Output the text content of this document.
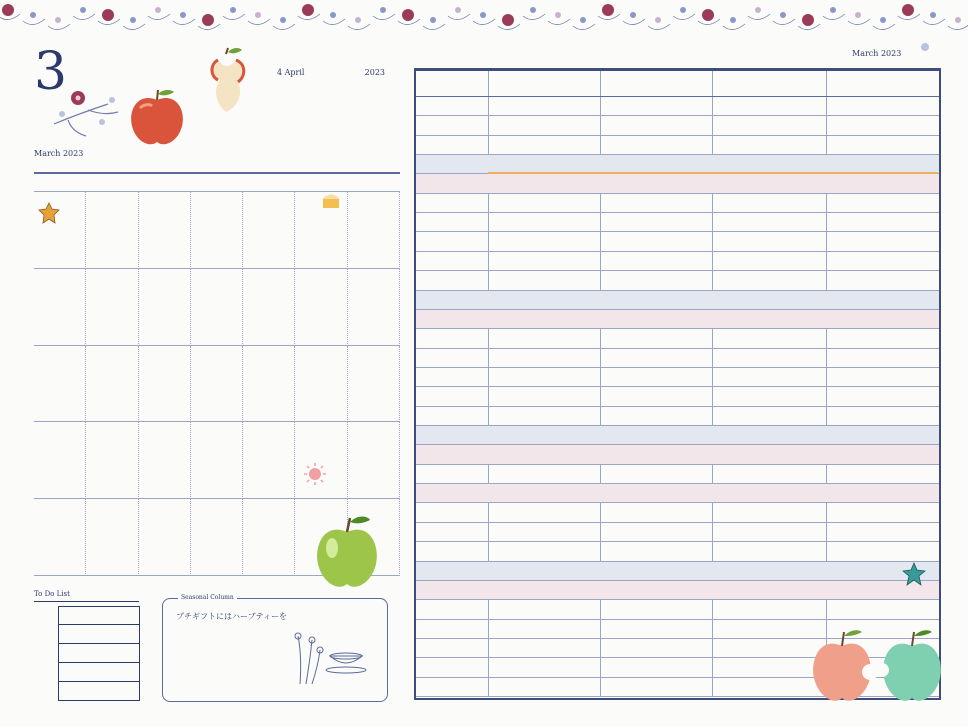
3
March 2023
4 April	2023
To Do List	Seasonal Column
プチギフトにはハーブティーを
March 2023
